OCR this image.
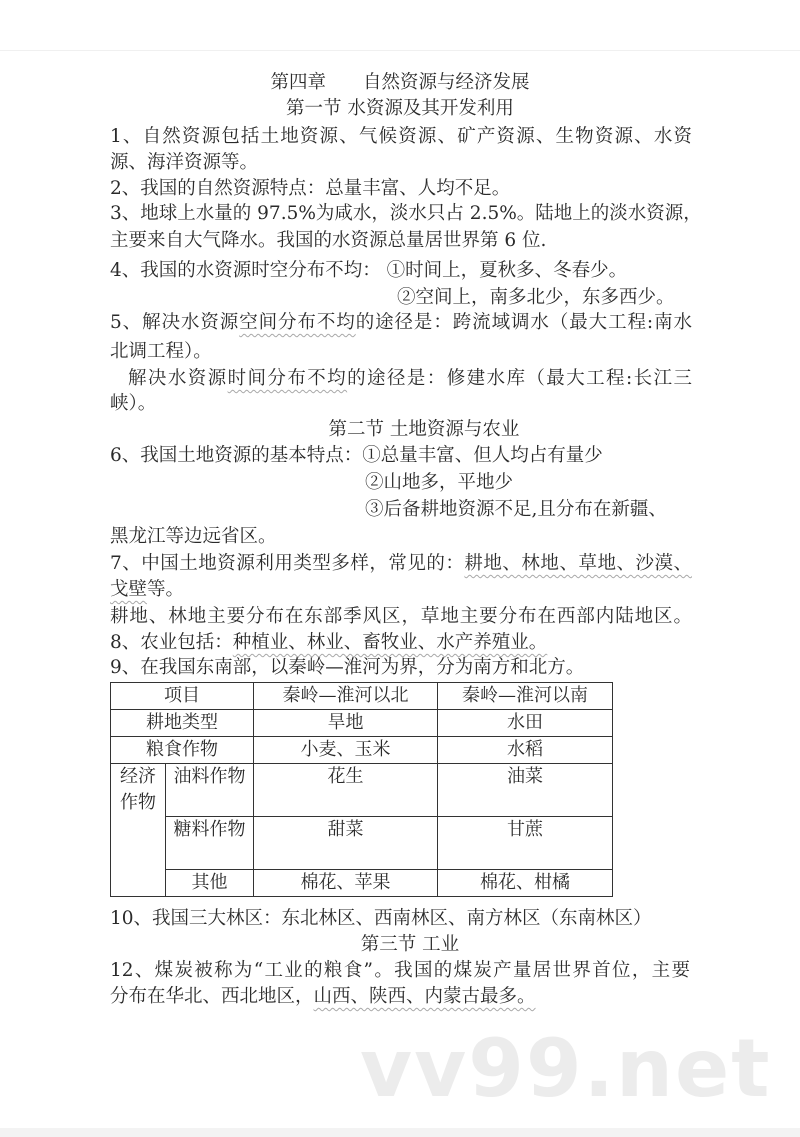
第四章　　自然资源与经济发展
第一节 水资源及其开发利用
1、自然资源包括土地资源、气候资源、矿产资源、生物资源、水资
源、海洋资源等。
2、我国的自然资源特点：总量丰富、人均不足。
3、地球上水量的 97.5%为咸水，淡水只占 2.5%。陆地上的淡水资源，
主要来自大气降水。我国的水资源总量居世界第 6 位.
4、我国的水资源时空分布不均： ①时间上，夏秋多、冬春少。
②空间上，南多北少，东多西少。
5、解决水资源空间分布不均的途径是：跨流域调水（最大工程:南水
北调工程）。
解决水资源时间分布不均的途径是：修建水库（最大工程:长江三
峡）。
第二节 土地资源与农业
6、我国土地资源的基本特点：①总量丰富、但人均占有量少
②山地多，平地少
③后备耕地资源不足,且分布在新疆、
黑龙江等边远省区。
7、中国土地资源利用类型多样，常见的：耕地、林地、草地、沙漠、
戈壁等。
耕地、林地主要分布在东部季风区，草地主要分布在西部内陆地区。
8、农业包括：种植业、林业、畜牧业、水产养殖业。
9、在我国东南部，以秦岭—淮河为界，分为南方和北方。
项目		秦岭—淮河以北	秦岭—淮河以南
耕地类型		旱地	水田
粮食作物		小麦、玉米	水稻
经济作物	油料作物	花生	油菜
	糖料作物	甜菜	甘蔗
	其他	棉花、苹果	棉花、柑橘
10、我国三大林区：东北林区、西南林区、南方林区（东南林区）
第三节 工业
12、煤炭被称为“工业的粮食”。我国的煤炭产量居世界首位，主要
分布在华北、西北地区，山西、陕西、内蒙古最多。
vv99.net
